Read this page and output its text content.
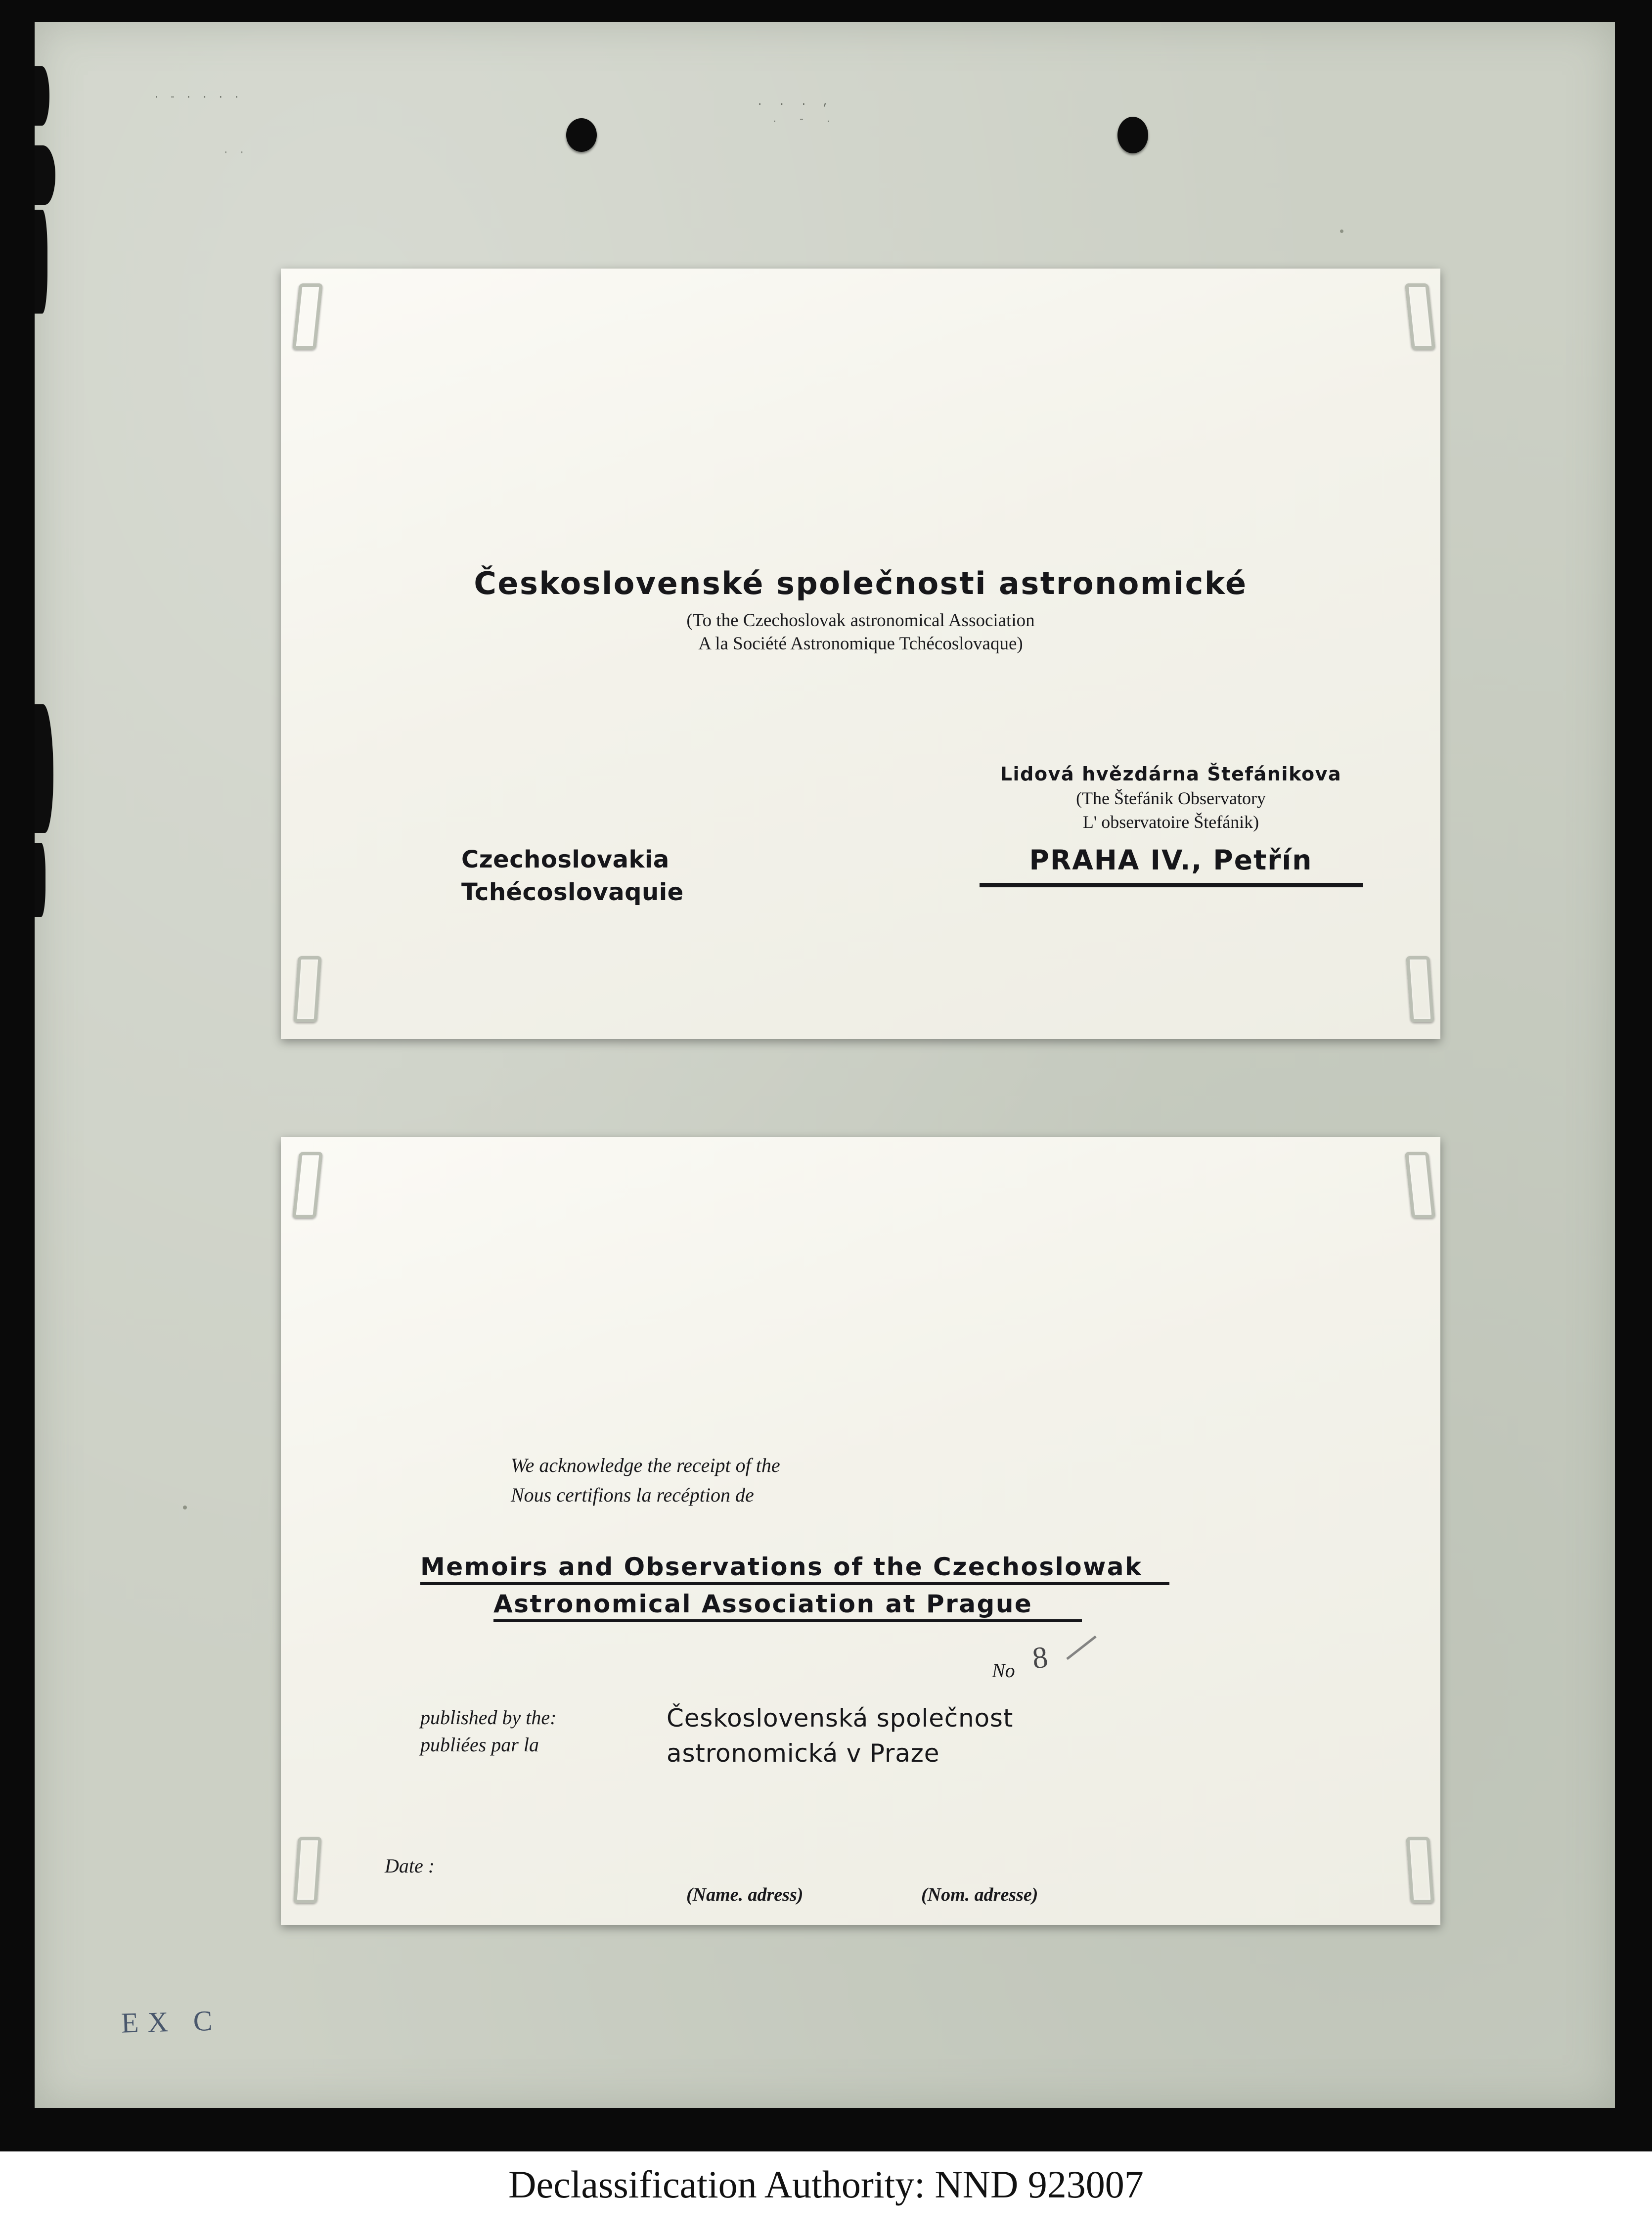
· - · · · ·
· ·
. . . ,
. - .
Československé společnosti astronomické
(To the Czechoslovak astronomical Association
A la Société Astronomique Tchécoslovaque)
Lidová hvězdárna Štefánikova
(The Štefánik Observatory
L' observatoire Štefánik)
PRAHA IV., Petřín
Czechoslovakia
Tchécoslovaquie
We acknowledge the receipt of the
Nous certifions la recéption de
Memoirs and Observations of the Czechoslowak
Astronomical Association at Prague
No 8
published by the:
publiées par la
Československá společnost
astronomická v Praze
Date :
(Name. adress)	(Nom. adresse)
EX C
Declassification Authority: NND 923007
